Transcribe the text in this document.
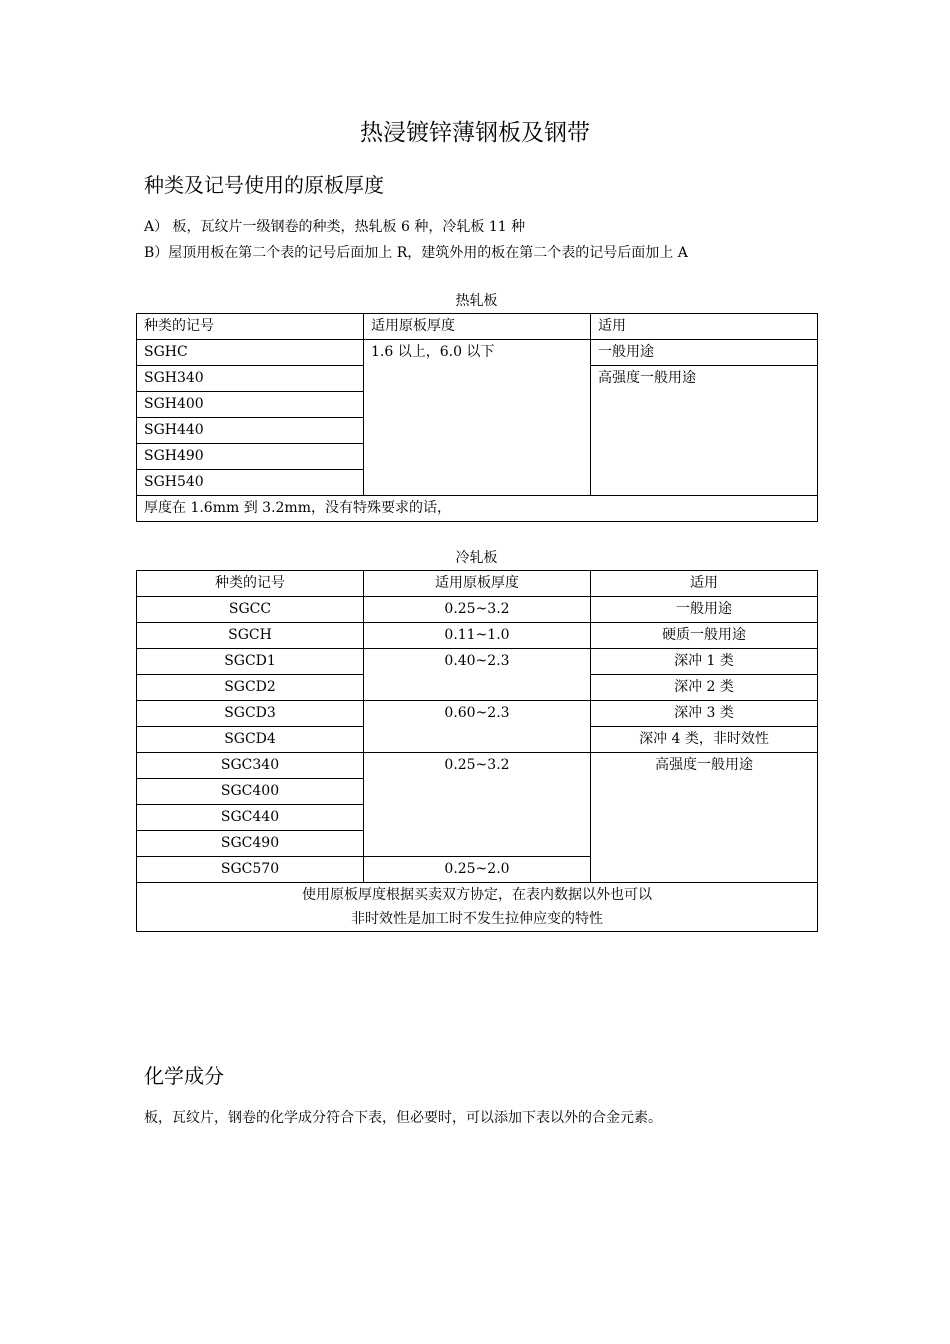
热浸镀锌薄钢板及钢带
种类及记号使用的原板厚度
A） 板，瓦纹片一级钢卷的种类，热轧板 6 种，冷轧板 11 种
B）屋顶用板在第二个表的记号后面加上 R，建筑外用的板在第二个表的记号后面加上 A
热轧板
种类的记号	适用原板厚度	适用
SGHC	1.6 以上，6.0 以下	一般用途
SGH340		高强度一般用途
SGH400		
SGH440		
SGH490		
SGH540		
厚度在 1.6mm 到 3.2mm，没有特殊要求的话，		
冷轧板
种类的记号	适用原板厚度	适用
SGCC	0.25~3.2	一般用途
SGCH	0.11~1.0	硬质一般用途
SGCD1	0.40~2.3	深冲 1 类
SGCD2		深冲 2 类
SGCD3	0.60~2.3	深冲 3 类
SGCD4		深冲 4 类，非时效性
SGC340	0.25~3.2	高强度一般用途
SGC400		
SGC440		
SGC490		
SGC570	0.25~2.0	

使用原板厚度根据买卖双方协定，在表内数据以外也可以
非时效性是加工时不发生拉伸应变的特性		
化学成分
板，瓦纹片，钢卷的化学成分符合下表，但必要时，可以添加下表以外的合金元素。
